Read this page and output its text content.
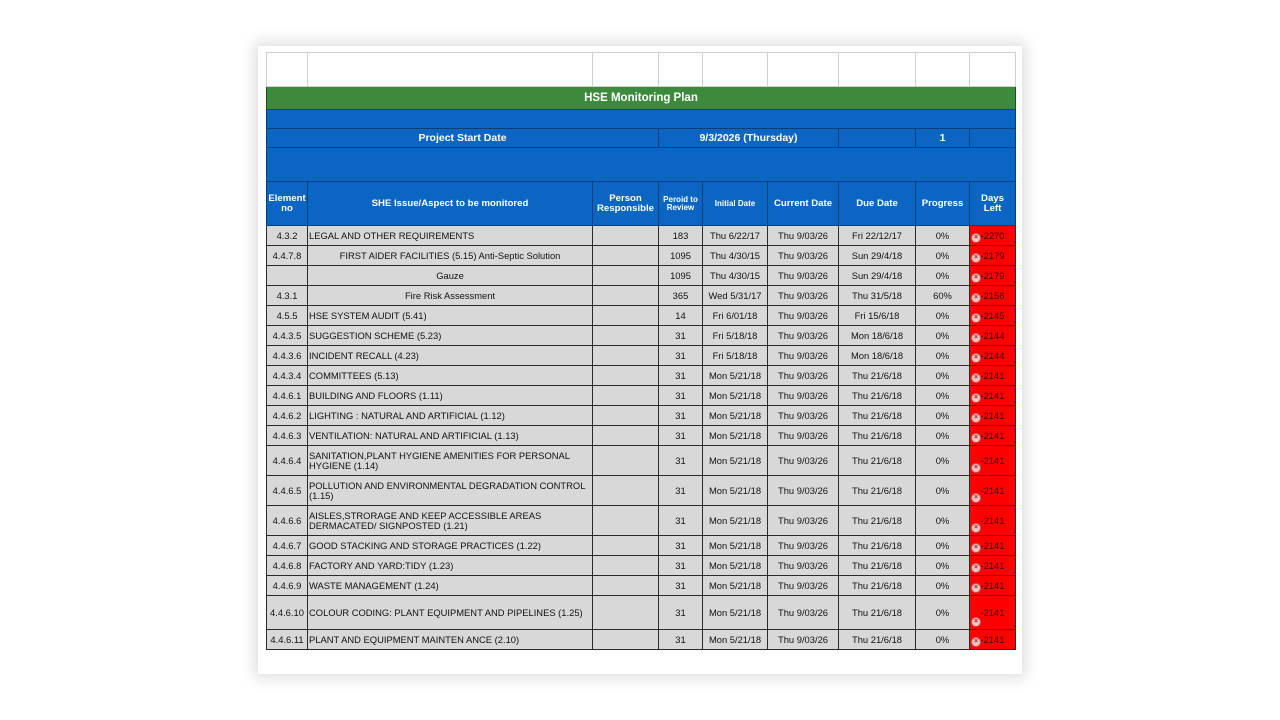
HSE Monitoring Plan								

Project Start Date			9/3/2026 (Thursday)				1	

Element no	SHE Issue/Aspect to be monitored	Person Responsible	Peroid to Review	Initial Date	Current Date	Due Date	Progress	Days Left
4.3.2	LEGAL AND OTHER REQUIREMENTS		183	Thu 6/22/17	Thu 9/03/26	Fri 22/12/17	0%	-2270
×

4.4.7.8	FIRST AIDER FACILITIES (5.15) Anti-Septic Solution		1095	Thu 4/30/15	Thu 9/03/26	Sun 29/4/18	0%	-2179
×

	Gauze		1095	Thu 4/30/15	Thu 9/03/26	Sun 29/4/18	0%	-2179
×

4.3.1	Fire Risk Assessment		365	Wed 5/31/17	Thu 9/03/26	Thu 31/5/18	60%	-2156
×

4.5.5	HSE SYSTEM AUDIT (5.41)		14	Fri 6/01/18	Thu 9/03/26	Fri 15/6/18	0%	-2145
×

4.4.3.5	SUGGESTION SCHEME (5.23)		31	Fri 5/18/18	Thu 9/03/26	Mon 18/6/18	0%	-2144
×

4.4.3.6	INCIDENT RECALL (4.23)		31	Fri 5/18/18	Thu 9/03/26	Mon 18/6/18	0%	-2144
×

4.4.3.4	COMMITTEES (5.13)		31	Mon 5/21/18	Thu 9/03/26	Thu 21/6/18	0%	-2141
×

4.4.6.1	BUILDING AND FLOORS (1.11)		31	Mon 5/21/18	Thu 9/03/26	Thu 21/6/18	0%	-2141
×

4.4.6.2	LIGHTING : NATURAL AND ARTIFICIAL (1.12)		31	Mon 5/21/18	Thu 9/03/26	Thu 21/6/18	0%	-2141
×

4.4.6.3	VENTILATION: NATURAL AND ARTIFICIAL (1.13)		31	Mon 5/21/18	Thu 9/03/26	Thu 21/6/18	0%	-2141
×

4.4.6.4	SANITATION,PLANT HYGIENE AMENITIES FOR PERSONAL HYGIENE (1.14)		31	Mon 5/21/18	Thu 9/03/26	Thu 21/6/18	0%	-2141
×

4.4.6.5	POLLUTION AND ENVIRONMENTAL DEGRADATION CONTROL (1.15)		31	Mon 5/21/18	Thu 9/03/26	Thu 21/6/18	0%	-2141
×

4.4.6.6	AISLES,STRORAGE AND KEEP ACCESSIBLE AREAS DERMACATED/ SIGNPOSTED (1.21)		31	Mon 5/21/18	Thu 9/03/26	Thu 21/6/18	0%	-2141
×

4.4.6.7	GOOD STACKING AND STORAGE PRACTICES (1.22)		31	Mon 5/21/18	Thu 9/03/26	Thu 21/6/18	0%	-2141
×

4.4.6.8	FACTORY AND YARD:TIDY (1.23)		31	Mon 5/21/18	Thu 9/03/26	Thu 21/6/18	0%	-2141
×

4.4.6.9	WASTE MANAGEMENT (1.24)		31	Mon 5/21/18	Thu 9/03/26	Thu 21/6/18	0%	-2141
×

4.4.6.10	COLOUR CODING: PLANT EQUIPMENT AND PIPELINES (1.25)		31	Mon 5/21/18	Thu 9/03/26	Thu 21/6/18	0%	-2141
×

4.4.6.11	PLANT AND EQUIPMENT MAINTEN ANCE (2.10)		31	Mon 5/21/18	Thu 9/03/26	Thu 21/6/18	0%	-2141
×
